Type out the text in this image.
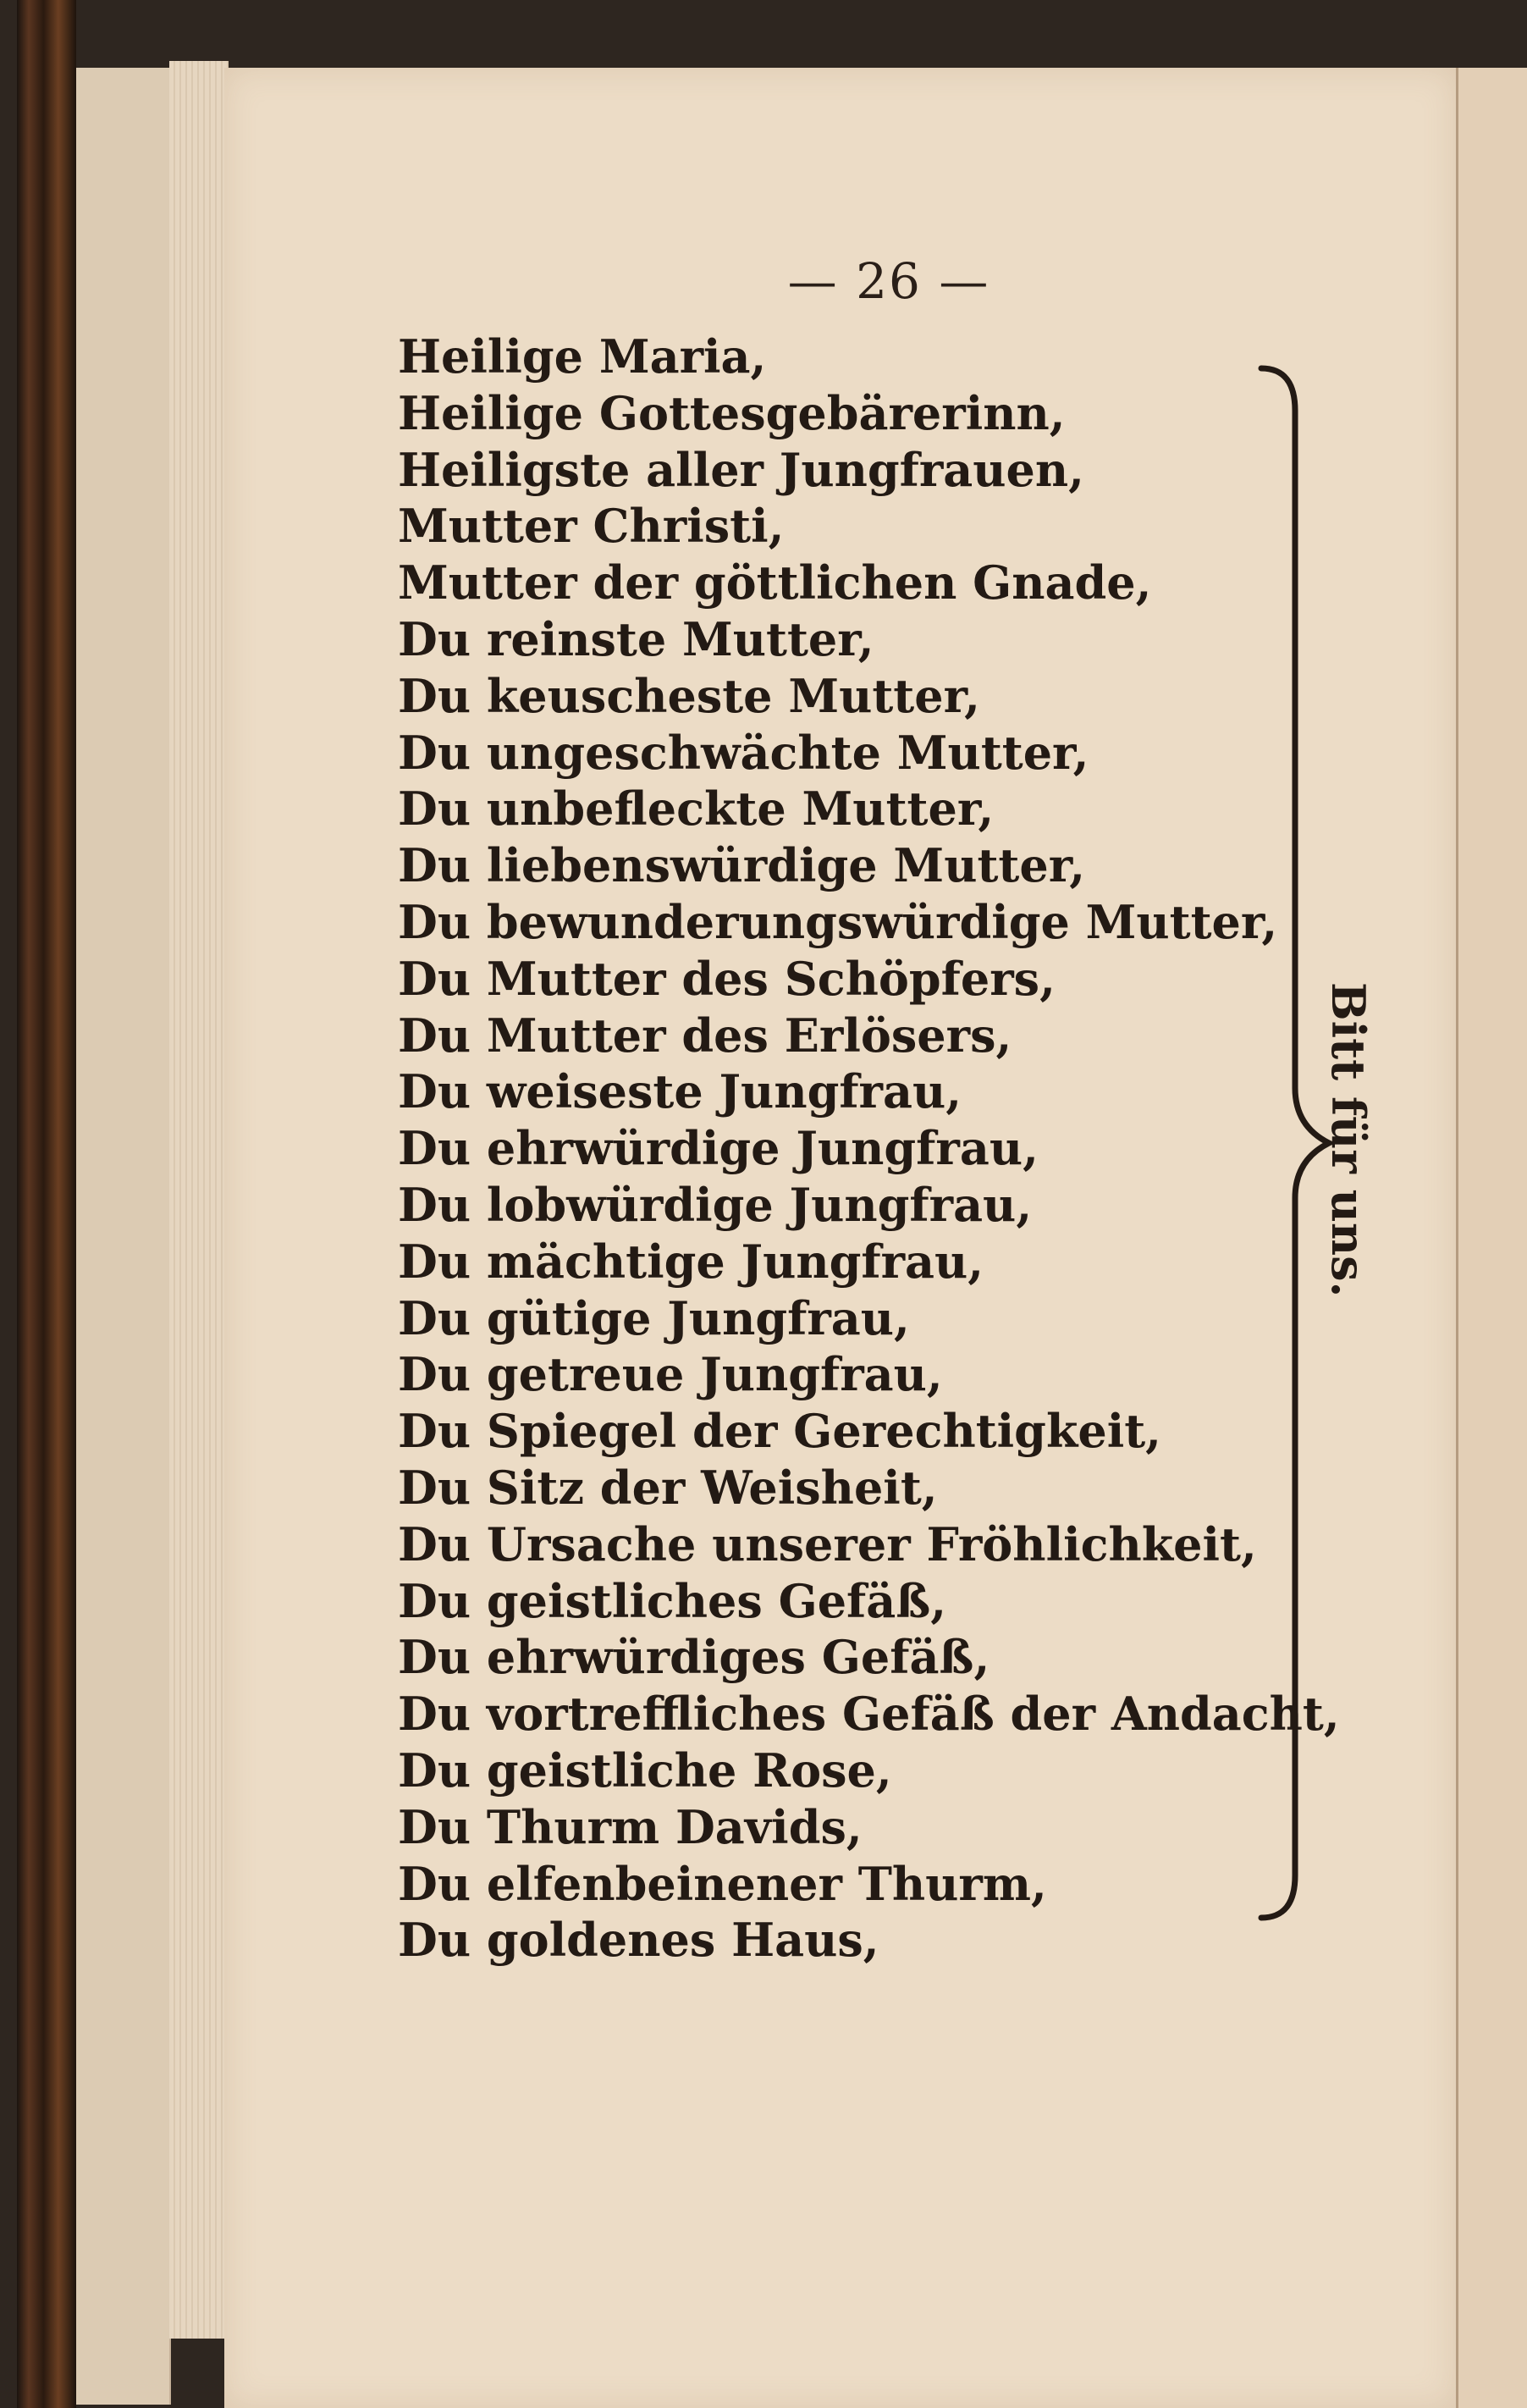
— 26 —
Heilige Maria,
Heilige Gottesgebärerinn,
Heiligste aller Jungfrauen,
Mutter Christi,
Mutter der göttlichen Gnade,
Du reinste Mutter,
Du keuscheste Mutter,
Du ungeschwächte Mutter,
Du unbefleckte Mutter,
Du liebenswürdige Mutter,
Du bewunderungswürdige Mutter,
Du Mutter des Schöpfers,
Du Mutter des Erlösers,
Du weiseste Jungfrau,
Du ehrwürdige Jungfrau,
Du lobwürdige Jungfrau,
Du mächtige Jungfrau,
Du gütige Jungfrau,
Du getreue Jungfrau,
Du Spiegel der Gerechtigkeit,
Du Sitz der Weisheit,
Du Ursache unserer Fröhlichkeit,
Du geistliches Gefäß,
Du ehrwürdiges Gefäß,
Du vortreffliches Gefäß der Andacht,
Du geistliche Rose,
Du Thurm Davids,
Du elfenbeinener Thurm,
Du goldenes Haus,
Bitt für uns.
